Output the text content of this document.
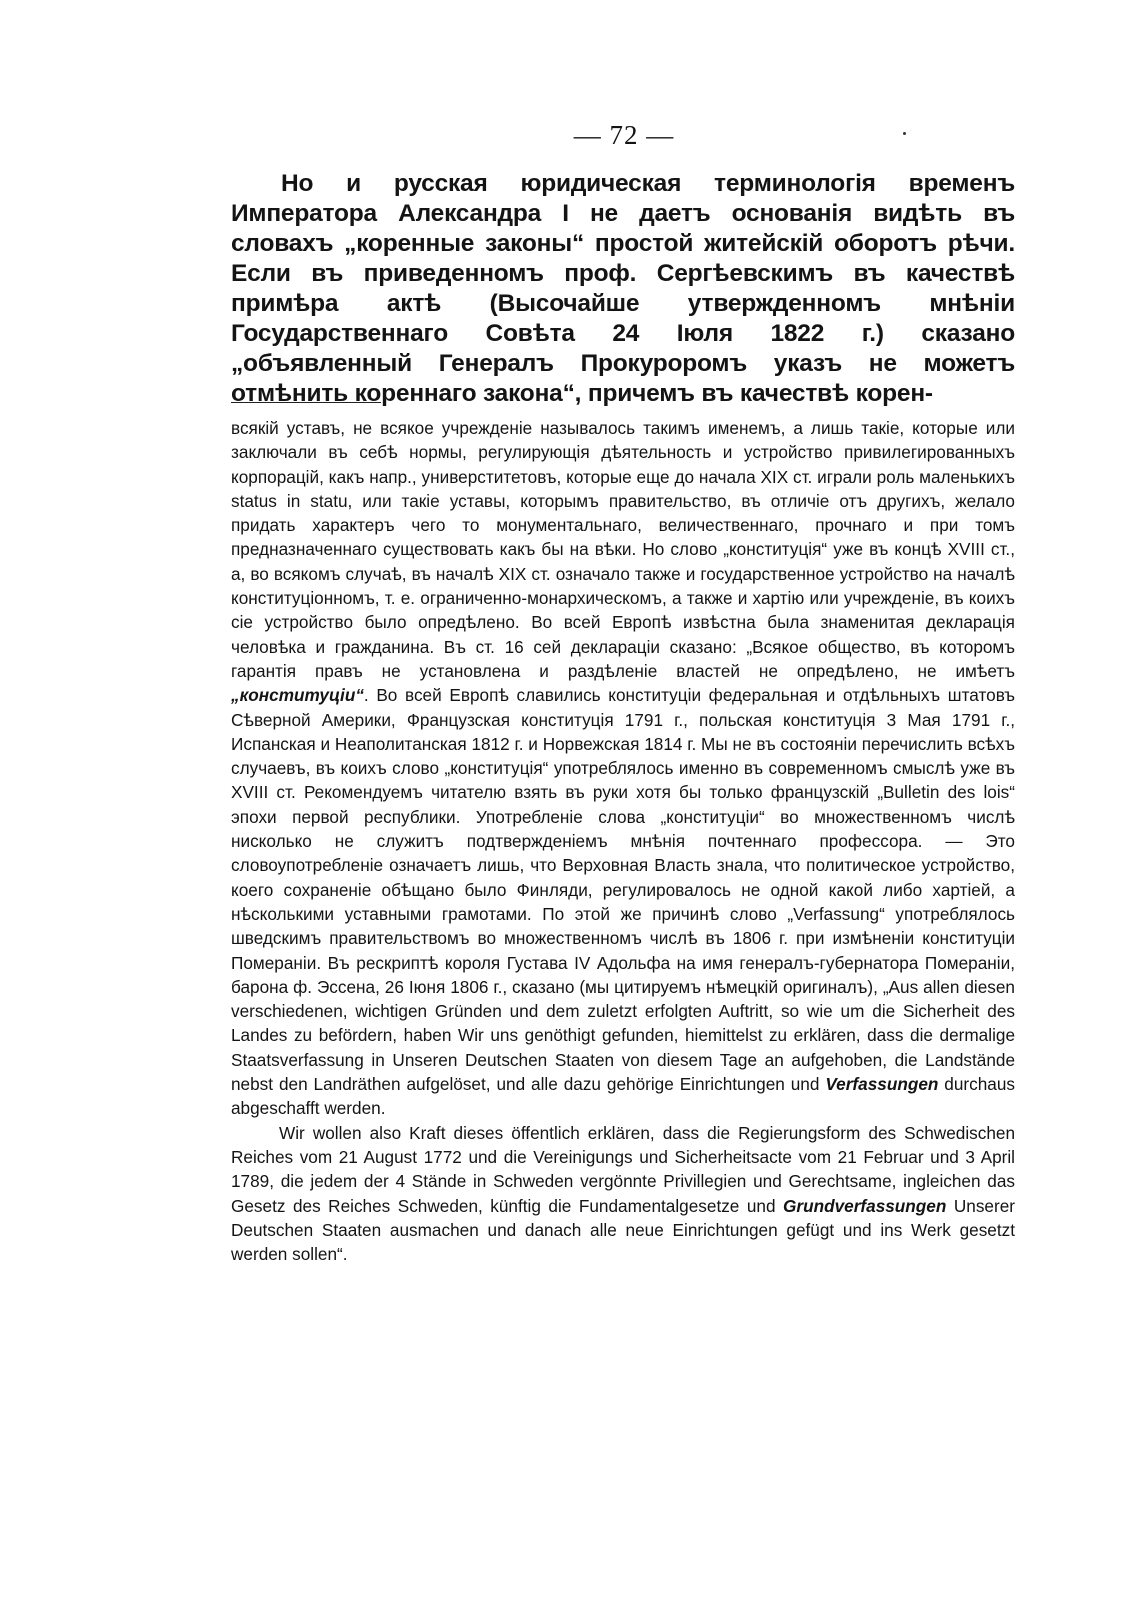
— 72 —

Но и русская юридическая терминологія временъ Императора Александра I не даетъ основанія видѣть въ словахъ „коренные законы“ простой житейскій оборотъ рѣчи. Если въ приведенномъ проф. Сергѣевскимъ въ качествѣ примѣра актѣ (Высочайше утвержденномъ мнѣніи Государственнаго Совѣта 24 Іюля 1822 г.) сказано „объявленный Генералъ Прокуроромъ указъ не можетъ отмѣнить кореннаго закона“, причемъ въ качествѣ корен-

всякій уставъ, не всякое учрежденіе называлось такимъ именемъ, а лишь такіе, которые или заключали въ себѣ нормы, регулирующія дѣятельность и устройство привилегированныхъ корпорацій, какъ напр., универститетовъ, которые еще до начала XIX ст. играли роль маленькихъ status in statu, или такіе уставы, которымъ правительство, въ отличіе отъ другихъ, желало придать характеръ чего то монументальнаго, величественнаго, прочнаго и при томъ предназначеннаго существовать какъ бы на вѣки. Но слово „конституція“ уже въ концѣ XVIII ст., а, во всякомъ случаѣ, въ началѣ XIX ст. означало также и государственное устройство на началѣ конституціонномъ, т. е. ограниченно-монархическомъ, а также и хартію или учрежденіе, въ коихъ сіе устройство было опредѣлено. Во всей Европѣ извѣстна была знаменитая декларація человѣка и гражданина. Въ ст. 16 сей деклараціи сказано: „Всякое общество, въ которомъ гарантія правъ не установлена и раздѣленіе властей не опредѣлено, не имѣетъ „конституціи“. Во всей Европѣ славились конституціи федеральная и отдѣльныхъ штатовъ Сѣверной Америки, Французская конституція 1791 г., польская конституція 3 Мая 1791 г., Испанская и Неаполитанская 1812 г. и Норвежская 1814 г. Мы не въ состояніи перечислить всѣхъ случаевъ, въ коихъ слово „конституція“ употреблялось именно въ современномъ смыслѣ уже въ XVIII ст. Рекомендуемъ читателю взять въ руки хотя бы только французскій „Bulletin des lois“ эпохи первой республики. Употребленіе слова „конституціи“ во множественномъ числѣ нисколько не служитъ подтвержденіемъ мнѣнія почтеннаго профессора. — Это словоупотребленіе означаетъ лишь, что Верховная Власть знала, что политическое устройство, коего сохраненіе обѣщано было Финляди, регулировалось не одной какой либо хартіей, а нѣсколькими уставными грамотами. По этой же причинѣ слово „Verfassung“ употреблялось шведскимъ правительствомъ во множественномъ числѣ въ 1806 г. при измѣненіи конституціи Помераніи. Въ рескриптѣ короля Густава IV Адольфа на имя генералъ-губернатора Помераніи, барона ф. Эссена, 26 Іюня 1806 г., сказано (мы цитируемъ нѣмецкій оригиналъ), „Aus allen diesen verschiedenen, wichtigen Gründen und dem zuletzt erfolgten Auftritt, so wie um die Sicherheit des Landes zu befördern, haben Wir uns genöthigt gefunden, hiemittelst zu erklären, dass die dermalige Staatsverfassung in Unseren Deutschen Staaten von diesem Tage an aufgehoben, die Landstände nebst den Landräthen aufgelöset, und alle dazu gehörige Einrichtungen und Verfassungen durchaus abgeschafft werden.

Wir wollen also Kraft dieses öffentlich erklären, dass die Regierungsform des Schwedischen Reiches vom 21 August 1772 und die Vereinigungs und Sicherheitsacte vom 21 Februar und 3 April 1789, die jedem der 4 Stände in Schweden vergönnte Privillegien und Gerechtsame, ingleichen das Gesetz des Reiches Schweden, künftig die Fundamentalgesetze und Grundverfassungen Unserer Deutschen Staaten ausmachen und danach alle neue Einrichtungen gefügt und ins Werk gesetzt werden sollen“.
